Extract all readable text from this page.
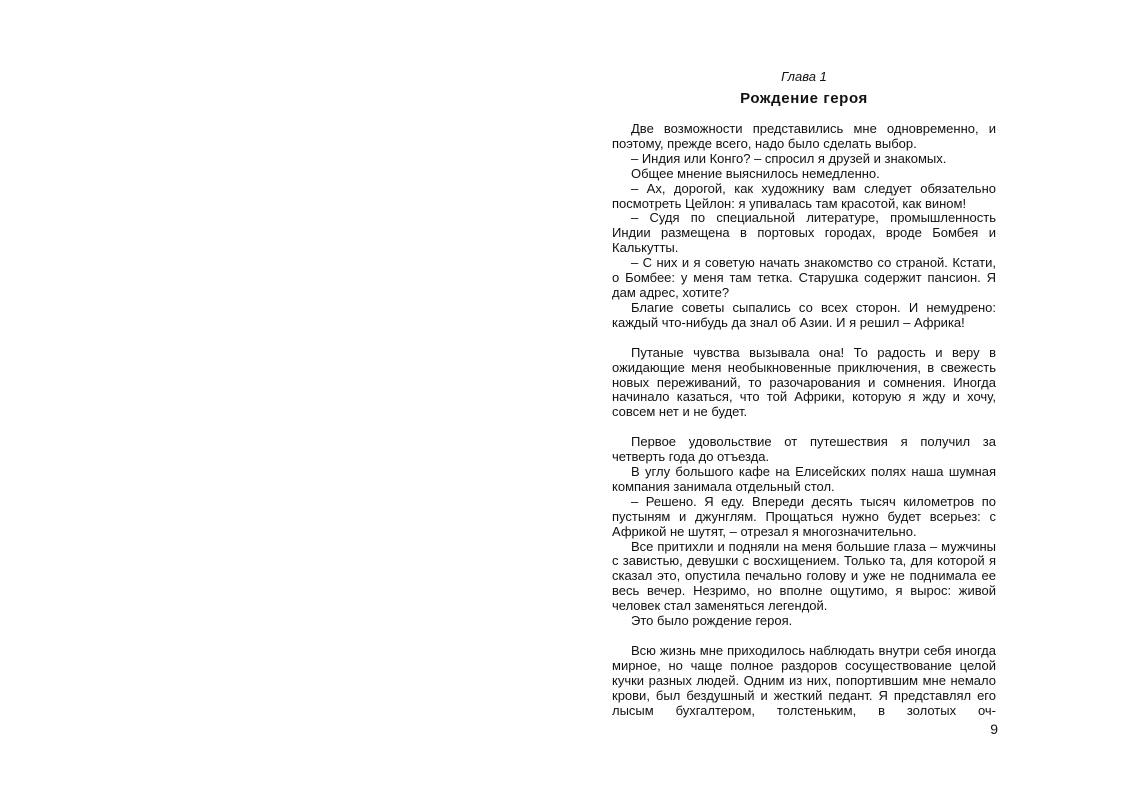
Глава 1

Рождение героя

Две возможности представились мне одновременно, и поэтому, прежде всего, надо было сделать выбор.

– Индия или Конго? – спросил я друзей и знакомых.

Общее мнение выяснилось немедленно.

– Ах, дорогой, как художнику вам следует обязательно посмотреть Цейлон: я упивалась там красотой, как вином!

– Судя по специальной литературе, промышленность Индии размещена в портовых городах, вроде Бомбея и Калькутты.

– С них и я советую начать знакомство со страной. Кстати, о Бомбее: у меня там тетка. Старушка содержит пансион. Я дам адрес, хотите?

Благие советы сыпались со всех сторон. И немудрено: каждый что-нибудь да знал об Азии. И я решил – Африка!

Путаные чувства вызывала она! То радость и веру в ожидающие меня необыкновенные приключения, в свежесть новых переживаний, то разочарования и сомнения. Иногда начинало казаться, что той Африки, которую я жду и хочу, совсем нет и не будет.

Первое удовольствие от путешествия я получил за четверть года до отъезда.

В углу большого кафе на Елисейских полях наша шумная компания занимала отдельный стол.

– Решено. Я еду. Впереди десять тысяч километров по пустыням и джунглям. Прощаться нужно будет всерьез: с Африкой не шутят, – отрезал я многозначительно.

Все притихли и подняли на меня большие глаза – мужчины с завистью, девушки с восхищением. Только та, для которой я сказал это, опустила печально голову и уже не поднимала ее весь вечер. Незримо, но вполне ощутимо, я вырос: живой человек стал заменяться легендой.

Это было рождение героя.

Всю жизнь мне приходилось наблюдать внутри себя иногда мирное, но чаще полное раздоров сосуществование целой кучки разных людей. Одним из них, попортившим мне немало крови, был бездушный и жесткий педант. Я представлял его лысым бухгалтером, толстеньким, в золотых оч-

9
